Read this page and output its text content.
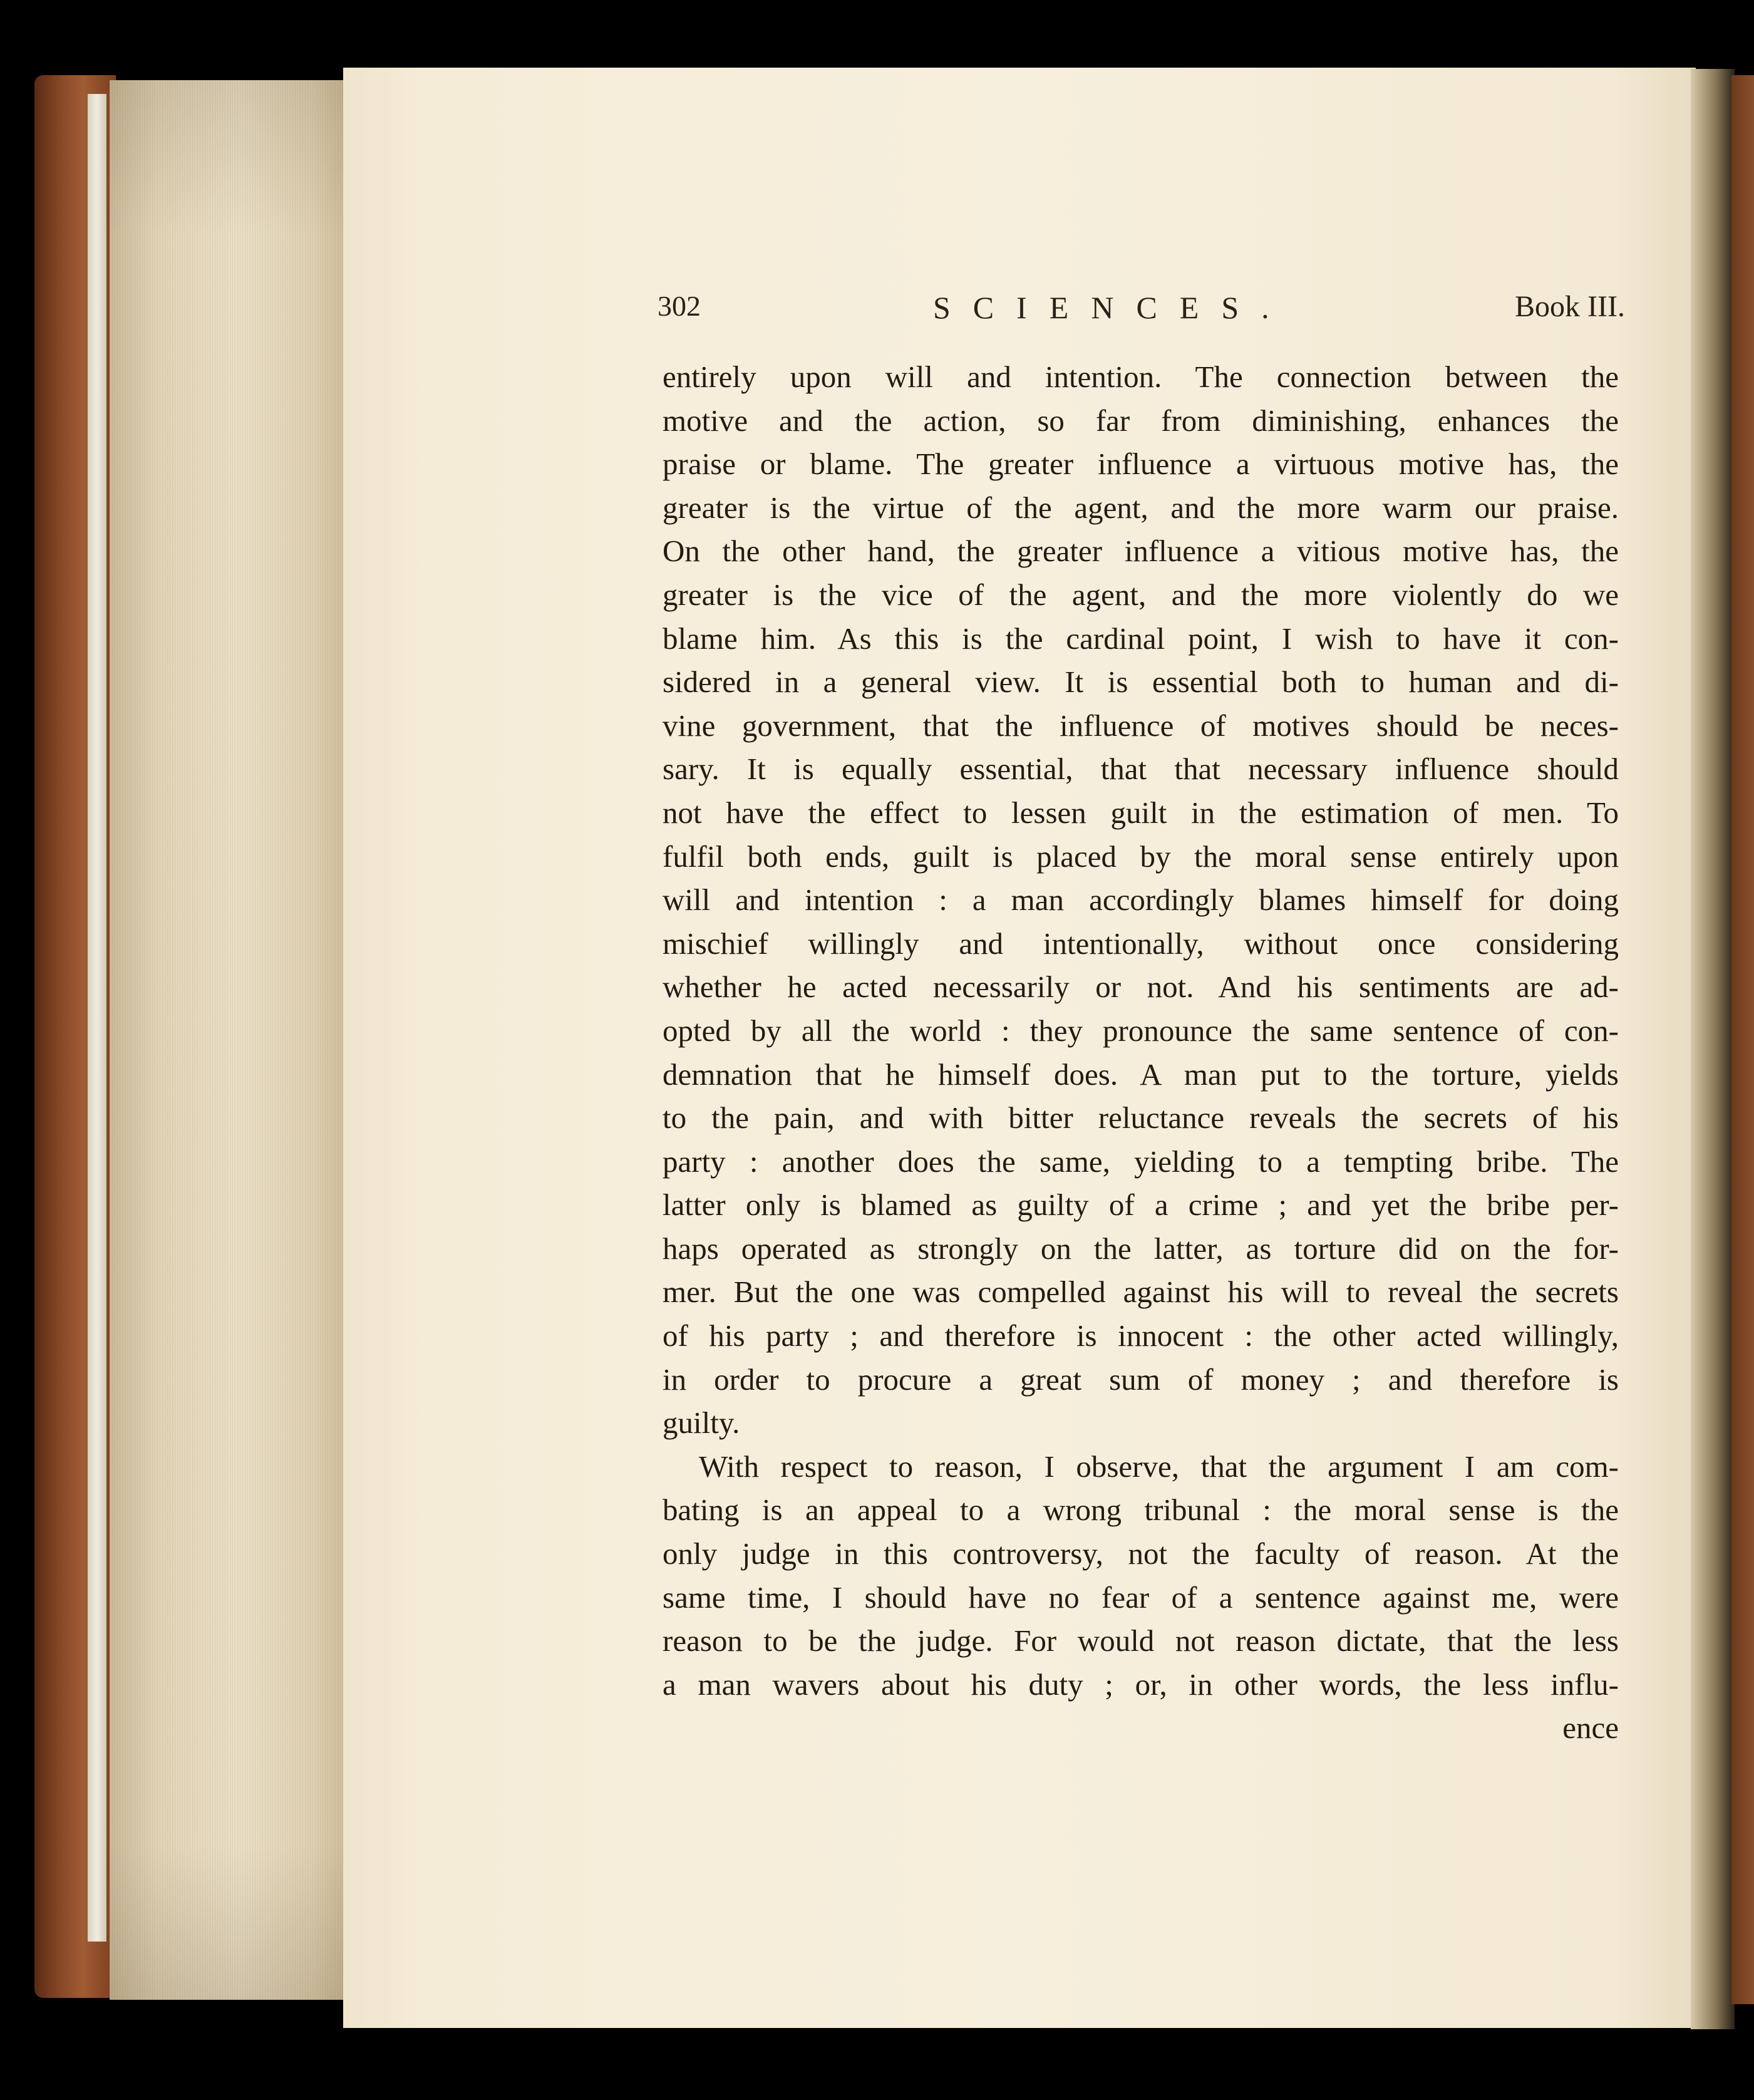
302	SCIENCES.	Book III.
entirely upon will and intention. The connection between the
motive and the action, so far from diminishing, enhances the
praise or blame. The greater influence a virtuous motive has, the
greater is the virtue of the agent, and the more warm our praise.
On the other hand, the greater influence a vitious motive has, the
greater is the vice of the agent, and the more violently do we
blame him. As this is the cardinal point, I wish to have it con-
sidered in a general view. It is essential both to human and di-
vine government, that the influence of motives should be neces-
sary. It is equally essential, that that necessary influence should
not have the effect to lessen guilt in the estimation of men. To
fulfil both ends, guilt is placed by the moral sense entirely upon
will and intention : a man accordingly blames himself for doing
mischief willingly and intentionally, without once considering
whether he acted necessarily or not. And his sentiments are ad-
opted by all the world : they pronounce the same sentence of con-
demnation that he himself does. A man put to the torture, yields
to the pain, and with bitter reluctance reveals the secrets of his
party : another does the same, yielding to a tempting bribe. The
latter only is blamed as guilty of a crime ; and yet the bribe per-
haps operated as strongly on the latter, as torture did on the for-
mer. But the one was compelled against his will to reveal the secrets
of his party ; and therefore is innocent : the other acted willingly,
in order to procure a great sum of money ; and therefore is
guilty.
With respect to reason, I observe, that the argument I am com-
bating is an appeal to a wrong tribunal : the moral sense is the
only judge in this controversy, not the faculty of reason. At the
same time, I should have no fear of a sentence against me, were
reason to be the judge. For would not reason dictate, that the less
a man wavers about his duty ; or, in other words, the less influ-
ence
